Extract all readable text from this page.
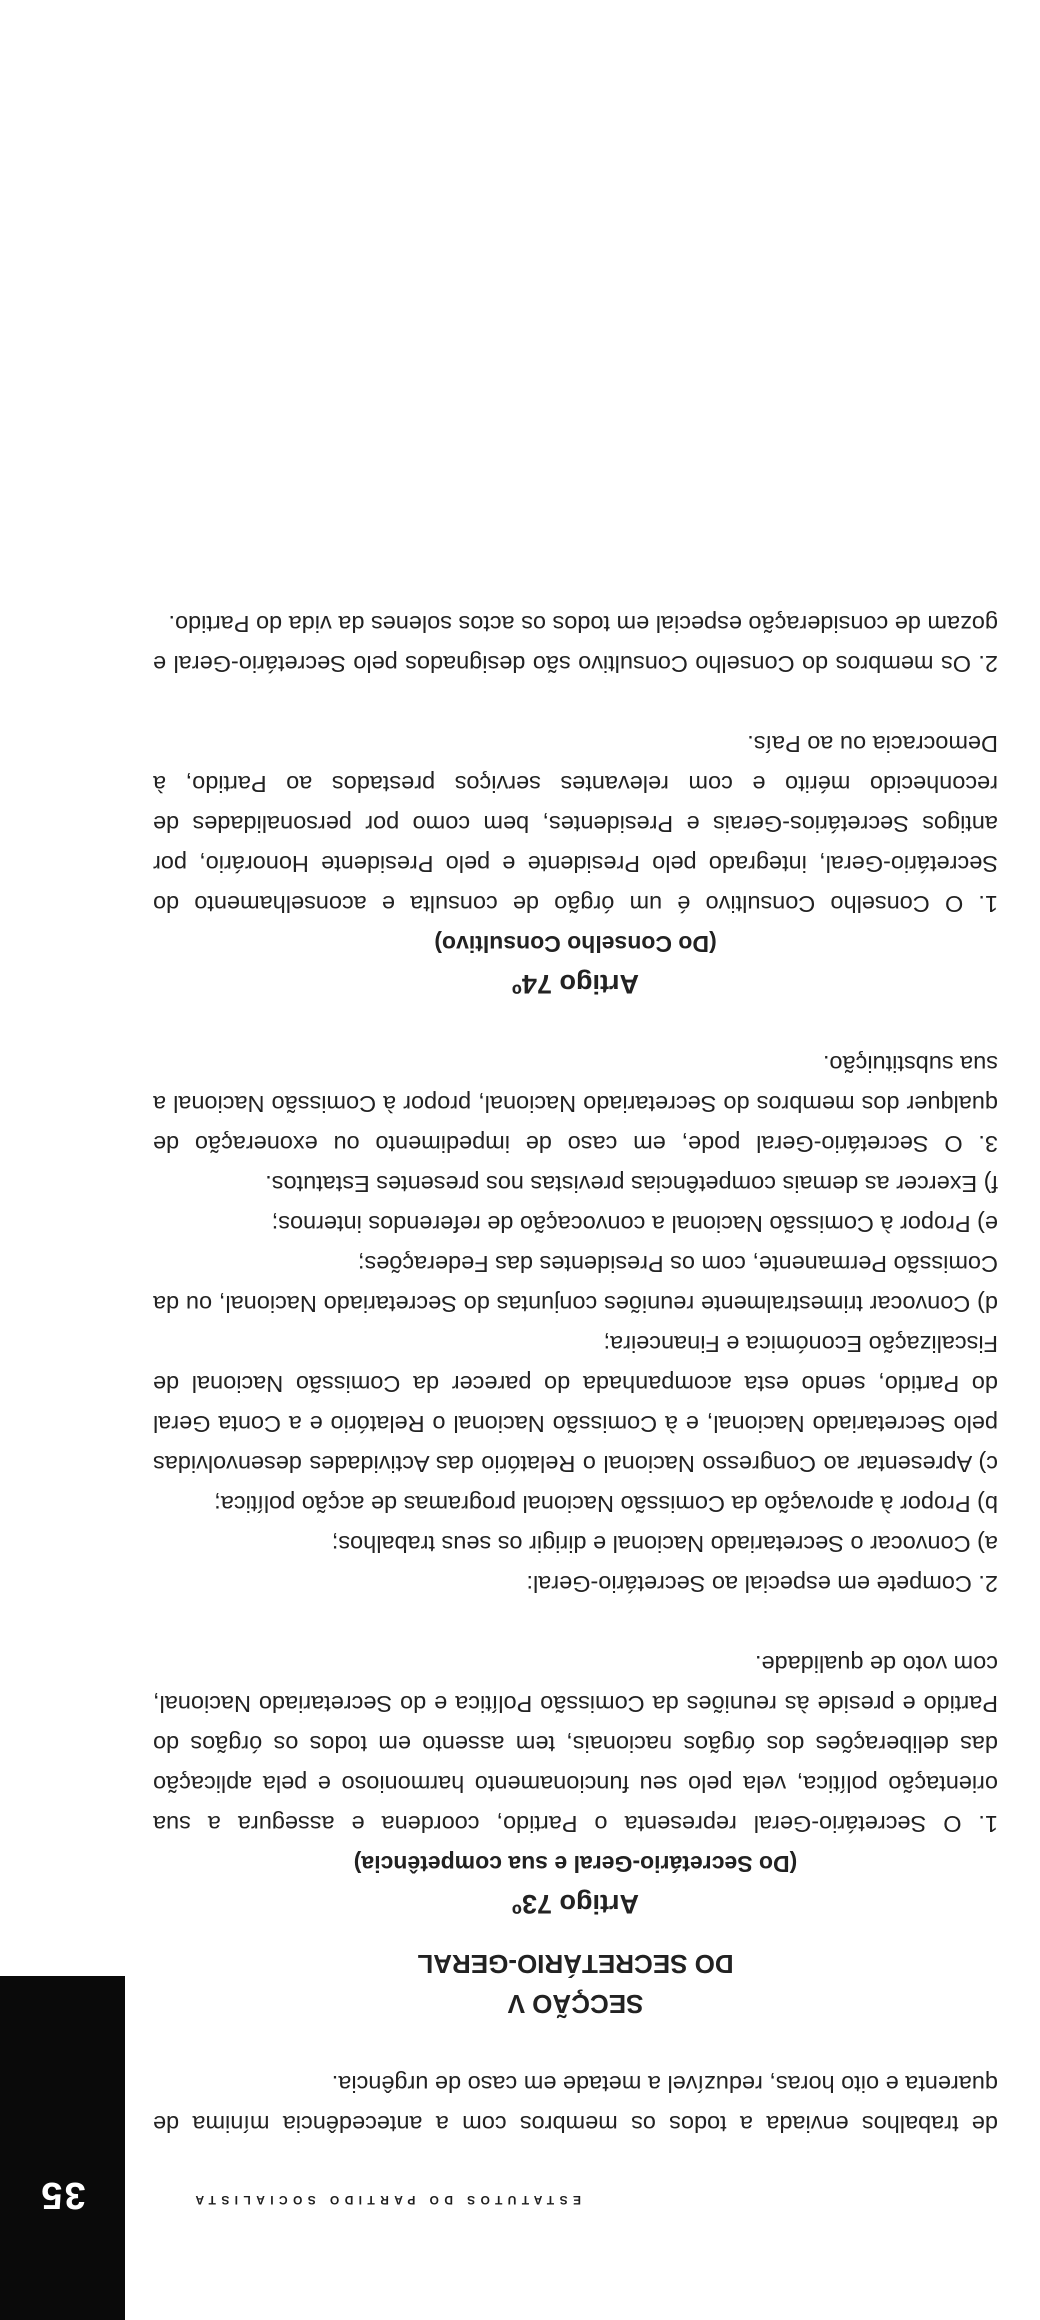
35	ESTATUTOS DO PARTIDO SOCIALISTA

de trabalhos enviada a todos os membros com a antecedência mínima de quarenta e oito horas, reduzível a metade em caso de urgência.

SECÇÃO V

DO SECRETÁRIO-GERAL

Artigo 73º

(Do Secretário-Geral e sua competência)

1. O Secretário-Geral representa o Partido, coordena e assegura a sua orientação política, vela pelo seu funcionamento harmonioso e pela aplicação das deliberações dos órgãos nacionais, tem assento em todos os órgãos do Partido e preside às reuniões da Comissão Política e do Secretariado Nacional, com voto de qualidade.

2. Compete em especial ao Secretário-Geral:

a) Convocar o Secretariado Nacional e dirigir os seus trabalhos;

b) Propor à aprovação da Comissão Nacional programas de acção política;

c) Apresentar ao Congresso Nacional o Relatório das Actividades desenvolvidas pelo Secretariado Nacional, e à Comissão Nacional o Relatório e a Conta Geral do Partido, sendo esta acompanhada do parecer da Comissão Nacional de Fiscalização Económica e Financeira;

d) Convocar trimestralmente reuniões conjuntas do Secretariado Nacional, ou da Comissão Permanente, com os Presidentes das Federações;

e) Propor à Comissão Nacional a convocação de referendos internos;

f) Exercer as demais competências previstas nos presentes Estatutos.

3. O Secretário-Geral pode, em caso de impedimento ou exoneração de qualquer dos membros do Secretariado Nacional, propor à Comissão Nacional a sua substituição.

Artigo 74º

(Do Conselho Consultivo)

1. O Conselho Consultivo é um órgão de consulta e aconselhamento do Secretário-Geral, integrado pelo Presidente e pelo Presidente Honorário, por antigos Secretários-Gerais e Presidentes, bem como por personalidades de reconhecido mérito e com relevantes serviços prestados ao Partido, à Democracia ou ao País.

2. Os membros do Conselho Consultivo são designados pelo Secretário-Geral e gozam de consideração especial em todos os actos solenes da vida do Partido.
